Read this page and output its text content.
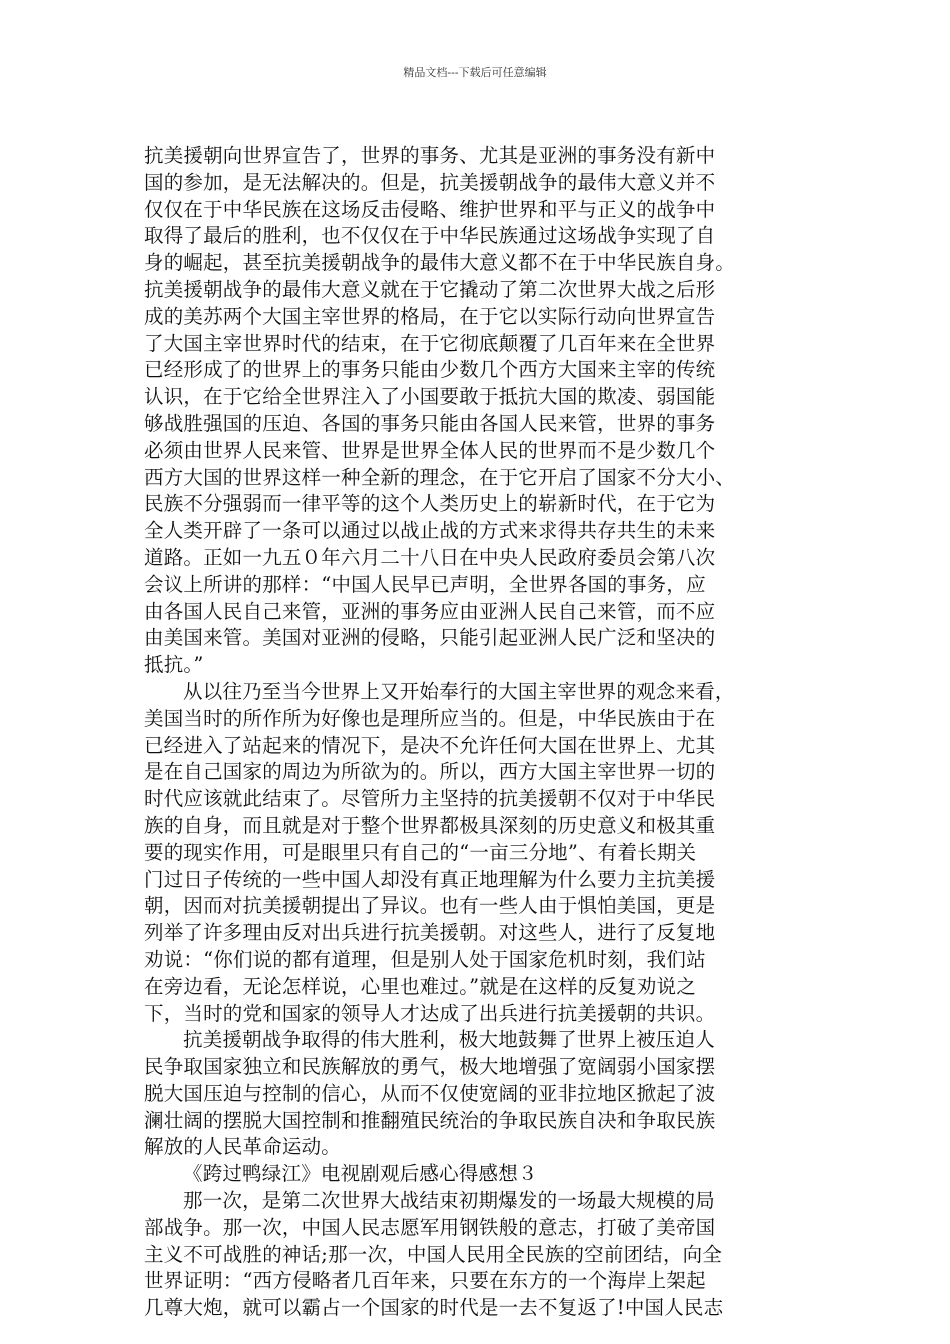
精品文档---下载后可任意编辑
抗美援朝向世界宣告了，世界的事务、尤其是亚洲的事务没有新中
国的参加，是无法解决的。但是，抗美援朝战争的最伟大意义并不
仅仅在于中华民族在这场反击侵略、维护世界和平与正义的战争中
取得了最后的胜利，也不仅仅在于中华民族通过这场战争实现了自
身的崛起，甚至抗美援朝战争的最伟大意义都不在于中华民族自身。
抗美援朝战争的最伟大意义就在于它撬动了第二次世界大战之后形
成的美苏两个大国主宰世界的格局，在于它以实际行动向世界宣告
了大国主宰世界时代的结束，在于它彻底颠覆了几百年来在全世界
已经形成了的世界上的事务只能由少数几个西方大国来主宰的传统
认识，在于它给全世界注入了小国要敢于抵抗大国的欺凌、弱国能
够战胜强国的压迫、各国的事务只能由各国人民来管，世界的事务
必须由世界人民来管、世界是世界全体人民的世界而不是少数几个
西方大国的世界这样一种全新的理念，在于它开启了国家不分大小、
民族不分强弱而一律平等的这个人类历史上的崭新时代，在于它为
全人类开辟了一条可以通过以战止战的方式来求得共存共生的未来
道路。正如一九五０年六月二十八日在中央人民政府委员会第八次
会议上所讲的那样：“中国人民早已声明，全世界各国的事务，应
由各国人民自己来管，亚洲的事务应由亚洲人民自己来管，而不应
由美国来管。美国对亚洲的侵略，只能引起亚洲人民广泛和坚决的
抵抗。”
从以往乃至当今世界上又开始奉行的大国主宰世界的观念来看，
美国当时的所作所为好像也是理所应当的。但是，中华民族由于在
已经进入了站起来的情况下，是决不允许任何大国在世界上、尤其
是在自己国家的周边为所欲为的。所以，西方大国主宰世界一切的
时代应该就此结束了。尽管所力主坚持的抗美援朝不仅对于中华民
族的自身，而且就是对于整个世界都极具深刻的历史意义和极其重
要的现实作用，可是眼里只有自己的“一亩三分地”、有着长期关
门过日子传统的一些中国人却没有真正地理解为什么要力主抗美援
朝，因而对抗美援朝提出了异议。也有一些人由于惧怕美国，更是
列举了许多理由反对出兵进行抗美援朝。对这些人，进行了反复地
劝说：“你们说的都有道理，但是别人处于国家危机时刻，我们站
在旁边看，无论怎样说，心里也难过。”就是在这样的反复劝说之
下，当时的党和国家的领导人才达成了出兵进行抗美援朝的共识。
抗美援朝战争取得的伟大胜利，极大地鼓舞了世界上被压迫人
民争取国家独立和民族解放的勇气，极大地增强了宽阔弱小国家摆
脱大国压迫与控制的信心，从而不仅使宽阔的亚非拉地区掀起了波
澜壮阔的摆脱大国控制和推翻殖民统治的争取民族自决和争取民族
解放的人民革命运动。
《跨过鸭绿江》电视剧观后感心得感想３
那一次，是第二次世界大战结束初期爆发的一场最大规模的局
部战争。那一次，中国人民志愿军用钢铁般的意志，打破了美帝国
主义不可战胜的神话;那一次，中国人民用全民族的空前团结，向全
世界证明：“西方侵略者几百年来，只要在东方的一个海岸上架起
几尊大炮，就可以霸占一个国家的时代是一去不复返了!中国人民志
